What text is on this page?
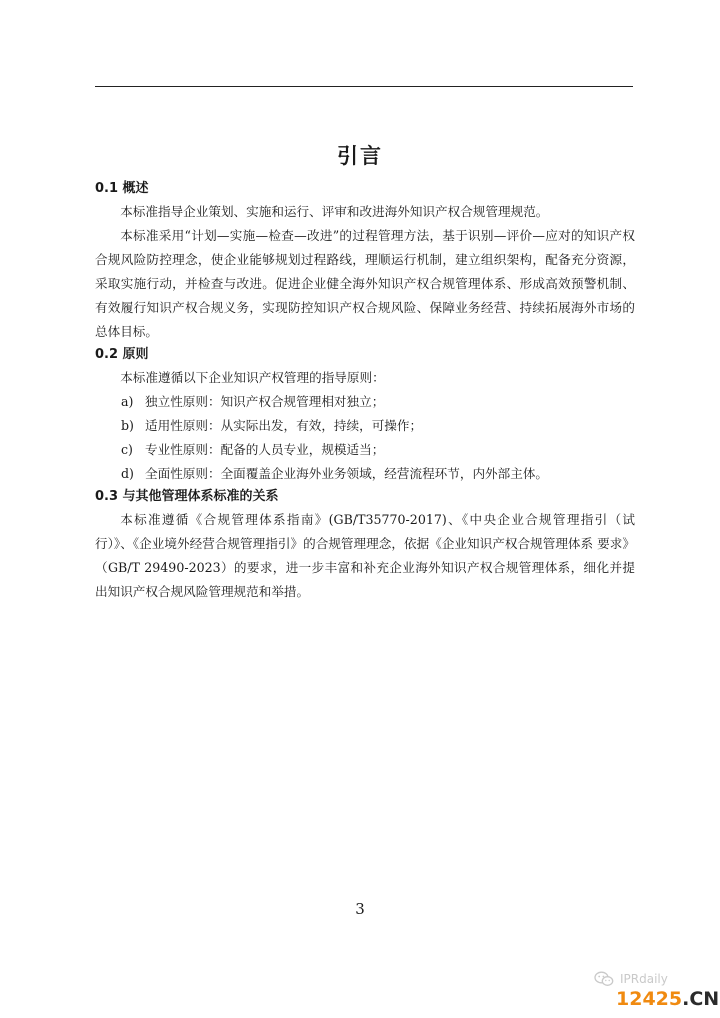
引言
0.1 概述

本标准指导企业策划、实施和运行、评审和改进海外知识产权合规管理规范。

本标准采用“计划—实施—检查—改进”的过程管理方法，基于识别—评价—应对的知识产权合规风险防控理念，使企业能够规划过程路线，理顺运行机制，建立组织架构，配备充分资源，采取实施行动，并检查与改进。促进企业健全海外知识产权合规管理体系、形成高效预警机制、有效履行知识产权合规义务，实现防控知识产权合规风险、保障业务经营、持续拓展海外市场的总体目标。

0.2 原则

本标准遵循以下企业知识产权管理的指导原则：

a) 独立性原则：知识产权合规管理相对独立；
b) 适用性原则：从实际出发，有效，持续，可操作；
c) 专业性原则：配备的人员专业，规模适当；
d) 全面性原则：全面覆盖企业海外业务领域，经营流程环节，内外部主体。
0.3 与其他管理体系标准的关系

本标准遵循《合规管理体系指南》(GB/T35770-2017)、《中央企业合规管理指引（试行）》、《企业境外经营合规管理指引》的合规管理理念，依据《企业知识产权合规管理体系 要求》（GB/T 29490-2023）的要求，进一步丰富和补充企业海外知识产权合规管理体系，细化并提出知识产权合规风险管理规范和举措。

3
IPRdaily
12425.CN
